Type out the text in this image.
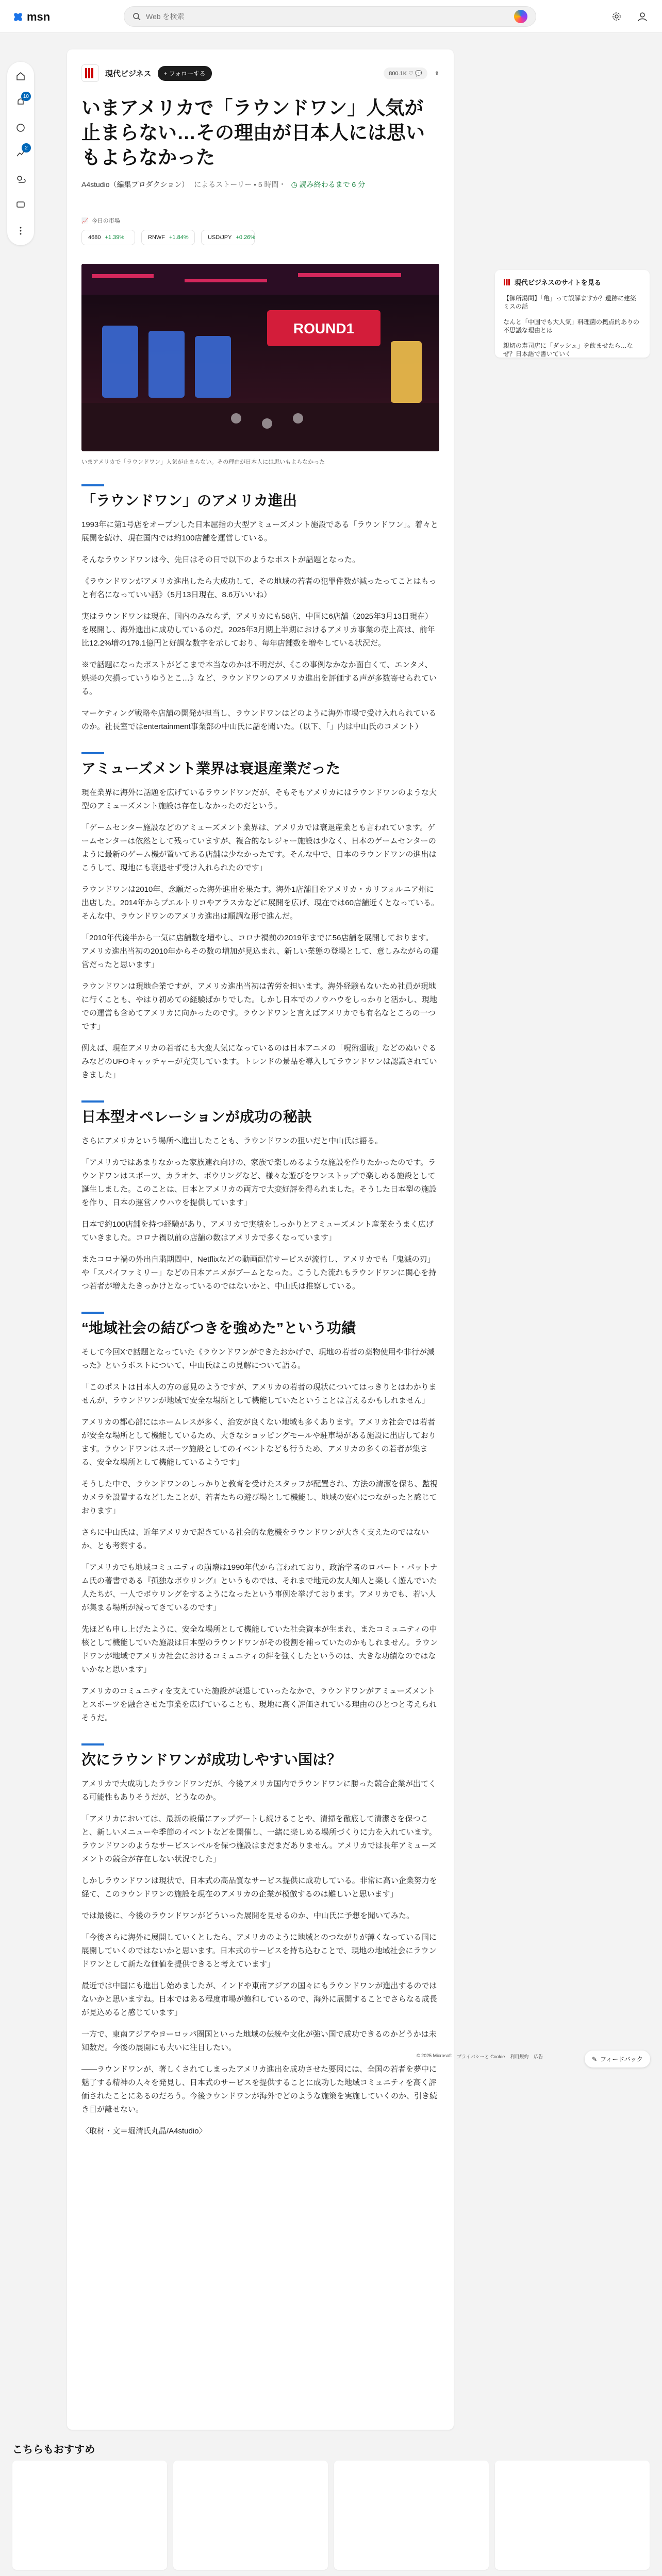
msn
Web を検索
10
2
現代ビジネス	+ フォローする	800.1K ♡ 💬	⇪
いまアメリカで「ラウンドワン」人気が止まらない…その理由が日本人には思いもよらなかった
A4studio（編集プロダクション） によるストーリー • 5 時間・ ◷ 読み終わるまで 6 分
📈 今日の市場
4680 +1.39%	RNWF +1.84%	USD/JPY +0.26%
ROUND1
いまアメリカで「ラウンドワン」人気が止まらない。その理由が日本人には思いもよらなかった
「ラウンドワン」のアメリカ進出

1993年に第1号店をオープンした日本屈指の大型アミューズメント施設である「ラウンドワン」。着々と展開を続け、現在国内では約100店舗を運営している。

そんなラウンドワンは今、先日はその日で以下のようなポストが話題となった。

《ラウンドワンがアメリカ進出したら大成功して、その地域の若者の犯罪件数が減ったってことはもっと有名になっていい話》（5月13日現在、8.6万いいね）

実はラウンドワンは現在、国内のみならず、アメリカにも58店、中国に6店舗（2025年3月13日現在）を展開し、海外進出に成功しているのだ。2025年3月期上半期におけるアメリカ事業の売上高は、前年比12.2%増の179.1億円と好調な数字を示しており、毎年店舗数を増やしている状況だ。

※で話題になったポストがどこまで本当なのかは不明だが、《この事例なかなか面白くて、エンタメ、娯楽の欠損っていうゆうとこ…》など、ラウンドワンのアメリカ進出を評価する声が多数寄せられている。

マーケティング戦略や店舗の開発が担当し、ラウンドワンはどのように海外市場で受け入れられているのか。社長室ではentertainment事業部の中山氏に話を聞いた。（以下、「」内は中山氏のコメント）

アミューズメント業界は衰退産業だった

現在業界に海外に話題を広げているラウンドワンだが、そもそもアメリカにはラウンドワンのような大型のアミューズメント施設は存在しなかったのだという。

「ゲームセンター施設などのアミューズメント業界は、アメリカでは衰退産業とも言われています。ゲームセンターは依然として残っていますが、複合的なレジャー施設は少なく、日本のゲームセンターのように最新のゲーム機が置いてある店舗は少なかったです。そんな中で、日本のラウンドワンの進出はこうして、現地にも衰退せず受け入れられたのです」

ラウンドワンは2010年、念願だった海外進出を果たす。海外1店舗目をアメリカ・カリフォルニア州に出店した。2014年からプエルトリコやアラスカなどに展開を広げ、現在では60店舗近くとなっている。そんな中、ラウンドワンのアメリカ進出は順調な形で進んだ。

「2010年代後半から一気に店舗数を増やし、コロナ禍前の2019年までに56店舗を展開しております。アメリカ進出当初の2010年からその数の増加が見込まれ、新しい業態の登場として、意しみながらの運営だったと思います」

ラウンドワンは現地企業ですが、アメリカ進出当初は苦労を担います。海外経験もないため社員が現地に行くことも、やはり初めての経験ばかりでした。しかし日本でのノウハウをしっかりと活かし、現地での運営も含めてアメリカに向かったのです。ラウンドワンと言えばアメリカでも有名なところの一つです」

例えば、現在アメリカの若者にも大変人気になっているのは日本アニメの「呪術廻戦」などのぬいぐるみなどのUFOキャッチャーが充実しています。トレンドの景品を導入してラウンドワンは認識されていきました」

日本型オペレーションが成功の秘訣

さらにアメリカという場所へ進出したことも、ラウンドワンの狙いだと中山氏は語る。

「アメリカではあまりなかった家族連れ向けの、家族で楽しめるような施設を作りたかったのです。ラウンドワンはスポーツ、カラオケ、ボウリングなど、様々な遊びをワンストップで楽しめる施設として誕生しました。このことは、日本とアメリカの両方で大変好評を得られました。そうした日本型の施設を作り、日本の運営ノウハウを提供しています」

日本で約100店舗を持つ経験があり、アメリカで実績をしっかりとアミューズメント産業をうまく広げていきました。コロナ禍以前の店舗の数はアメリカで多くなっています」

またコロナ禍の外出自粛期間中、Netflixなどの動画配信サービスが流行し、アメリカでも「鬼滅の刃」や「スパイファミリー」などの日本アニメがブームとなった。こうした流れもラウンドワンに関心を持つ若者が増えたきっかけとなっているのではないかと、中山氏は推察している。

“地域社会の結びつきを強めた”という功績

そして今回Xで話題となっていた《ラウンドワンができたおかげで、現地の若者の薬物使用や非行が減った》というポストについて、中山氏はこの見解について語る。

「このポストは日本人の方の意見のようですが、アメリカの若者の現状についてはっきりとはわかりませんが、ラウンドワンが地域で安全な場所として機能していたということは言えるかもしれません」

アメリカの都心部にはホームレスが多く、治安が良くない地域も多くあります。アメリカ社会では若者が安全な場所として機能しているため、大きなショッピングモールや駐車場がある施設に出店しております。ラウンドワンはスポーツ施設としてのイベントなども行うため、アメリカの多くの若者が集まる、安全な場所として機能しているようです」

そうした中で、ラウンドワンのしっかりと教育を受けたスタッフが配置され、方法の清潔を保ち、監視カメラを設置するなどしたことが、若者たちの遊び場として機能し、地域の安心につながったと感じております」

さらに中山氏は、近年アメリカで起きている社会的な危機をラウンドワンが大きく支えたのではないか、とも考察する。

「アメリカでも地域コミュニティの崩壊は1990年代から言われており、政治学者のロバート・パットナム氏の著書である『孤独なボウリング』というものでは、それまで地元の友人知人と楽しく遊んでいた人たちが、一人でボウリングをするようになったという事例を挙げております。アメリカでも、若い人が集まる場所が減ってきているのです」

先ほども申し上げたように、安全な場所として機能していた社会資本が生まれ、またコミュニティの中核として機能していた施設は日本型のラウンドワンがその役割を補っていたのかもしれません。ラウンドワンが地域でアメリカ社会におけるコミュニティの絆を強くしたというのは、大きな功績なのではないかなと思います」

アメリカのコミュニティを支えていた施設が衰退していったなかで、ラウンドワンがアミューズメントとスポーツを融合させた事業を広げていることも、現地に高く評価されている理由のひとつと考えられそうだ。

次にラウンドワンが成功しやすい国は？

アメリカで大成功したラウンドワンだが、今後アメリカ国内でラウンドワンに勝った競合企業が出てくる可能性もありそうだが、どうなのか。

「アメリカにおいては、最新の設備にアップデートし続けることや、清掃を徹底して清潔さを保つこと、新しいメニューや季節のイベントなどを開催し、一緒に楽しめる場所づくりに力を入れています。ラウンドワンのようなサービスレベルを保つ施設はまだまだありません。アメリカでは長年アミューズメントの競合が存在しない状況でした」

しかしラウンドワンは現状で、日本式の高品質なサービス提供に成功している。非常に高い企業努力を経て、このラウンドワンの施設を現在のアメリカの企業が模倣するのは難しいと思います」

では最後に、今後のラウンドワンがどういった展開を見せるのか、中山氏に予想を聞いてみた。

「今後さらに海外に展開していくとしたら、アメリカのように地域とのつながりが薄くなっている国に展開していくのではないかと思います。日本式のサービスを持ち込むことで、現地の地域社会にラウンドワンとして新たな価値を提供できると考えています」

最近では中国にも進出し始めましたが、インドや東南アジアの国々にもラウンドワンが進出するのではないかと思いますね。日本ではある程度市場が飽和しているので、海外に展開することでさらなる成長が見込めると感じています」

一方で、東南アジアやヨーロッパ圏国といった地域の伝統や文化が強い国で成功できるのかどうかは未知数だ。今後の展開にも大いに注目したい。

――ラウンドワンが、著しくされてしまったアメリカ進出を成功させた要因には、全国の若者を夢中に魅了する精神の人々を発見し、日本式のサービスを提供することに成功した地域コミュニティを高く評価されたことにあるのだろう。今後ラウンドワンが海外でどのような施策を実施していくのか、引き続き目が離せない。

〈取材・文＝堀清氏丸晶/A4studio〉

現代ビジネスのサイトを見る
【御所湯問】「亀」って誤解ますか？遺跡に建築ミスの話
なんと「中国でも大人気」料理菌の拠点的ありの不思議な理由とは
親切の寿司店に「ダッシュ」を飲ませたら…なぜ？日本語で書いていく
© 2025 Microsoft プライバシーと Cookie 利用規約 広告	✎ フィードバック
こちらもおすすめ
